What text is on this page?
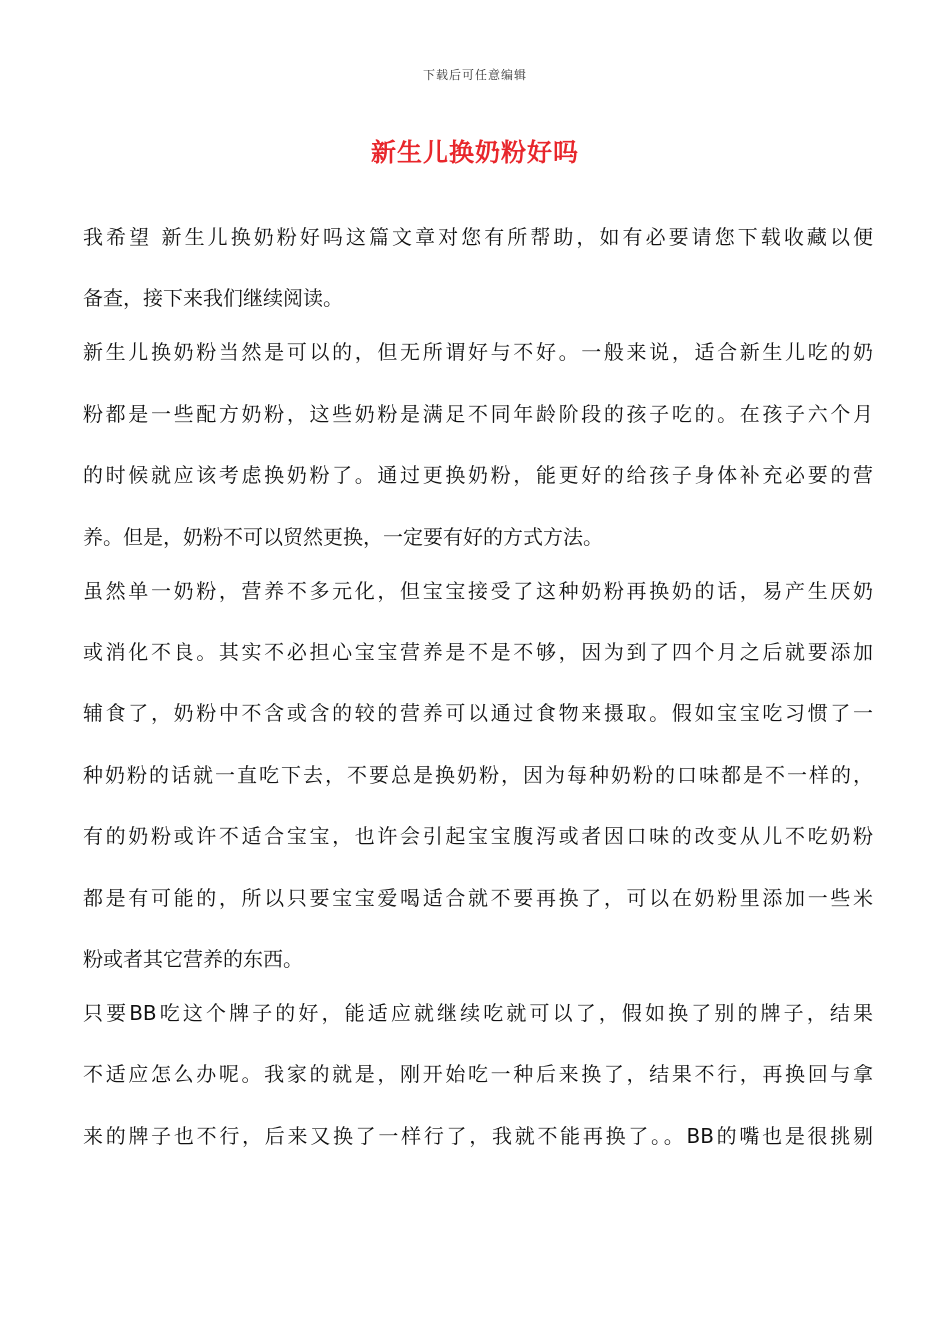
下载后可任意编辑
新生儿换奶粉好吗
我希望 新生儿换奶粉好吗这篇文章对您有所帮助，如有必要请您下载收藏以便
备查，接下来我们继续阅读。
新生儿换奶粉当然是可以的，但无所谓好与不好。一般来说，适合新生儿吃的奶
粉都是一些配方奶粉，这些奶粉是满足不同年龄阶段的孩子吃的。在孩子六个月
的时候就应该考虑换奶粉了。通过更换奶粉，能更好的给孩子身体补充必要的营
养。但是，奶粉不可以贸然更换，一定要有好的方式方法。
虽然单一奶粉，营养不多元化，但宝宝接受了这种奶粉再换奶的话，易产生厌奶
或消化不良。其实不必担心宝宝营养是不是不够，因为到了四个月之后就要添加
辅食了，奶粉中不含或含的较的营养可以通过食物来摄取。假如宝宝吃习惯了一
种奶粉的话就一直吃下去，不要总是换奶粉，因为每种奶粉的口味都是不一样的，
有的奶粉或许不适合宝宝，也许会引起宝宝腹泻或者因口味的改变从儿不吃奶粉
都是有可能的，所以只要宝宝爱喝适合就不要再换了，可以在奶粉里添加一些米
粉或者其它营养的东西。
只要BB吃这个牌子的好，能适应就继续吃就可以了，假如换了别的牌子，结果
不适应怎么办呢。我家的就是，刚开始吃一种后来换了，结果不行，再换回与拿
来的牌子也不行，后来又换了一样行了，我就不能再换了。。BB的嘴也是很挑剔
